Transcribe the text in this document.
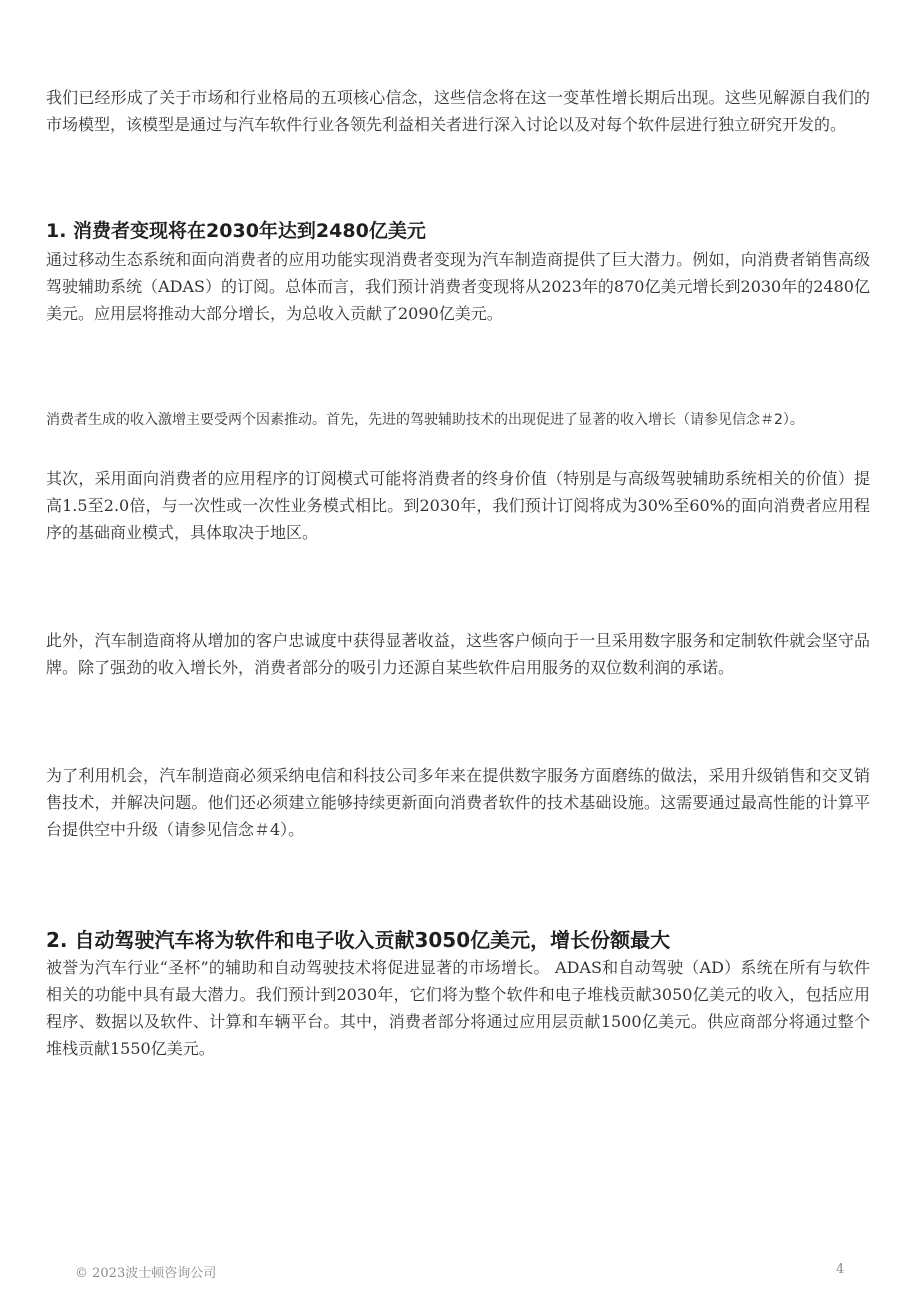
我们已经形成了关于市场和行业格局的五项核心信念，这些信念将在这一变革性增长期后出现。这些见解源自我们的市场模型，该模型是通过与汽车软件行业各领先利益相关者进行深入讨论以及对每个软件层进行独立研究开发的。

1. 消费者变现将在2030年达到2480亿美元

通过移动生态系统和面向消费者的应用功能实现消费者变现为汽车制造商提供了巨大潜力。例如，向消费者销售高级驾驶辅助系统（ADAS）的订阅。总体而言，我们预计消费者变现将从2023年的870亿美元增长到2030年的2480亿美元。应用层将推动大部分增长，为总收入贡献了2090亿美元。

消费者生成的收入激增主要受两个因素推动。首先，先进的驾驶辅助技术的出现促进了显著的收入增长（请参见信念＃2）。

其次，采用面向消费者的应用程序的订阅模式可能将消费者的终身价值（特别是与高级驾驶辅助系统相关的价值）提高1.5至2.0倍，与一次性或一次性业务模式相比。到2030年，我们预计订阅将成为30%至60%的面向消费者应用程序的基础商业模式，具体取决于地区。

此外，汽车制造商将从增加的客户忠诚度中获得显著收益，这些客户倾向于一旦采用数字服务和定制软件就会坚守品牌。除了强劲的收入增长外，消费者部分的吸引力还源自某些软件启用服务的双位数利润的承诺。

为了利用机会，汽车制造商必须采纳电信和科技公司多年来在提供数字服务方面磨练的做法，采用升级销售和交叉销售技术，并解决问题。他们还必须建立能够持续更新面向消费者软件的技术基础设施。这需要通过最高性能的计算平台提供空中升级（请参见信念＃4）。

2. 自动驾驶汽车将为软件和电子收入贡献3050亿美元，增长份额最大

被誉为汽车行业“圣杯”的辅助和自动驾驶技术将促进显著的市场增长。 ADAS和自动驾驶（AD）系统在所有与软件相关的功能中具有最大潜力。我们预计到2030年，它们将为整个软件和电子堆栈贡献3050亿美元的收入，包括应用程序、数据以及软件、计算和车辆平台。其中，消费者部分将通过应用层贡献1500亿美元。供应商部分将通过整个堆栈贡献1550亿美元。

© 2023波士顿咨询公司	4
